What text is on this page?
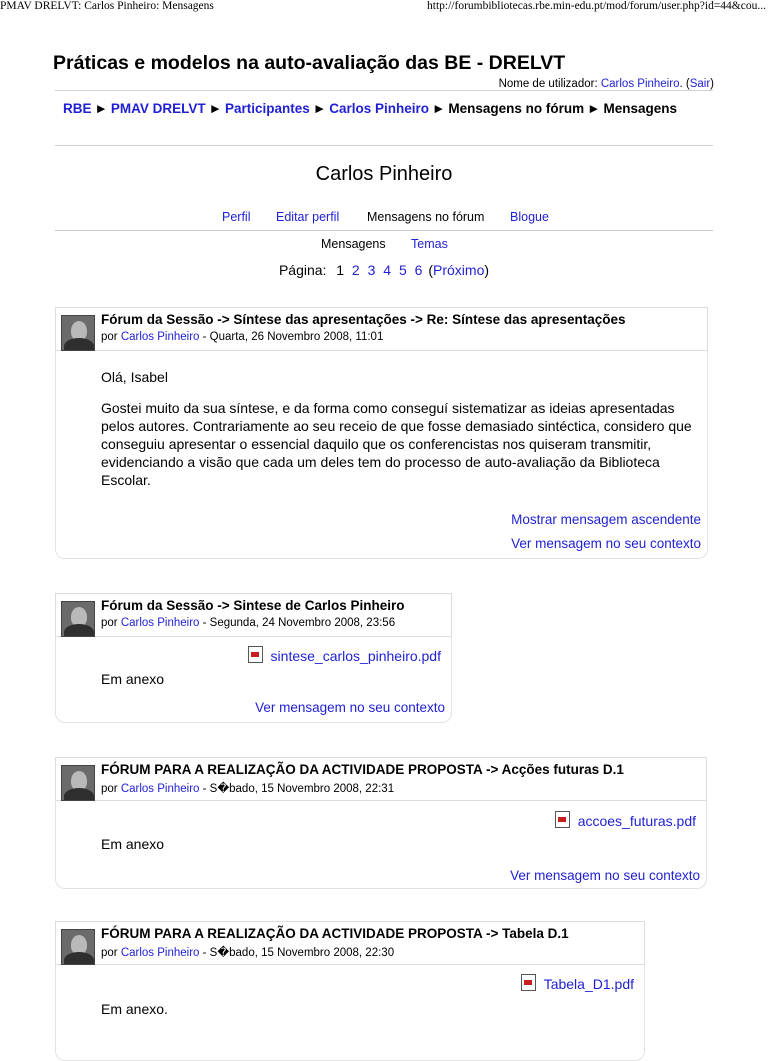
PMAV DRELVT: Carlos Pinheiro: Mensagens	http://forumbibliotecas.rbe.min-edu.pt/mod/forum/user.php?id=44&cou...
Práticas e modelos na auto-avaliação das BE - DRELVT
Nome de utilizador: Carlos Pinheiro. (Sair)
RBE ► PMAV DRELVT ► Participantes ► Carlos Pinheiro ► Mensagens no fórum ► Mensagens
Carlos Pinheiro
Perfil Editar perfil Mensagens no fórum Blogue
Mensagens Temas
Página: 1 2 3 4 5 6 (Próximo)
Fórum da Sessão -> Síntese das apresentações -> Re: Síntese das apresentações
por Carlos Pinheiro - Quarta, 26 Novembro 2008, 11:01

Olá, Isabel

Gostei muito da sua síntese, e da forma como conseguí sistematizar as ideias apresentadas pelos autores. Contrariamente ao seu receio de que fosse demasiado sintéctica, considero que conseguiu apresentar o essencial daquilo que os conferencistas nos quiseram transmitir, evidenciando a visão que cada um deles tem do processo de auto-avaliação da Biblioteca Escolar.

Mostrar mensagem ascendente
Ver mensagem no seu contexto
Fórum da Sessão -> Sintese de Carlos Pinheiro
por Carlos Pinheiro - Segunda, 24 Novembro 2008, 23:56
sintese_carlos_pinheiro.pdf

Em anexo

Ver mensagem no seu contexto
FÓRUM PARA A REALIZAÇÃO DA ACTIVIDADE PROPOSTA -> Acções futuras D.1
por Carlos Pinheiro - S�bado, 15 Novembro 2008, 22:31
accoes_futuras.pdf

Em anexo

Ver mensagem no seu contexto
FÓRUM PARA A REALIZAÇÃO DA ACTIVIDADE PROPOSTA -> Tabela D.1
por Carlos Pinheiro - S�bado, 15 Novembro 2008, 22:30
Tabela_D1.pdf

Em anexo.
